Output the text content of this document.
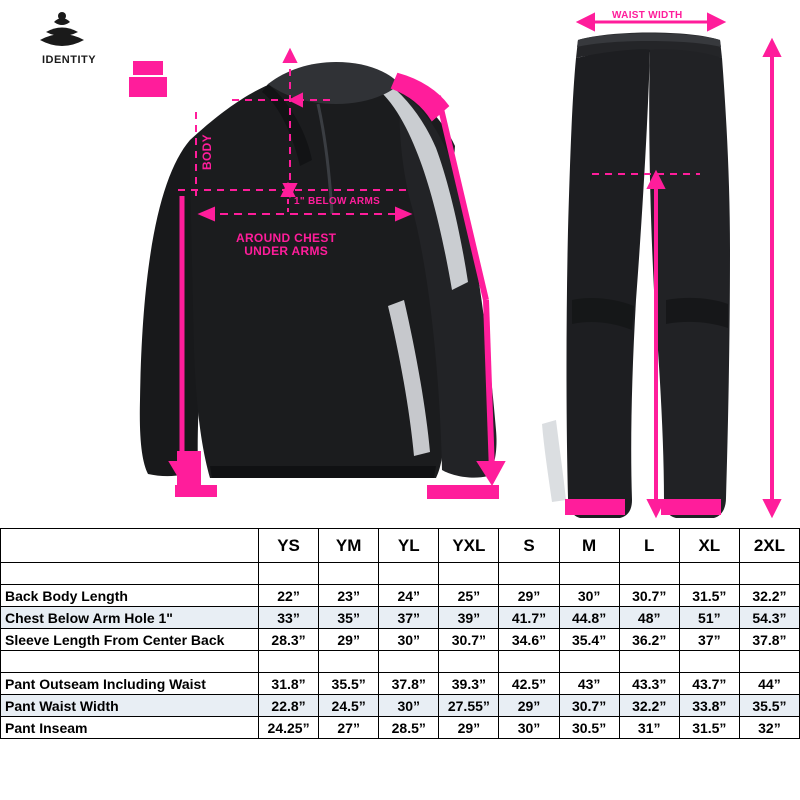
IDENTITY
BODY
1" BELOW ARMS
AROUND CHEST
UNDER ARMS
WAIST WIDTH
	YS	YM	YL	YXL	S	M	L	XL	2XL

Back Body Length	22”	23”	24”	25”	29”	30”	30.7”	31.5”	32.2”
Chest Below Arm Hole 1"	33”	35”	37”	39”	41.7”	44.8”	48”	51”	54.3”
Sleeve Length From Center Back	28.3”	29”	30”	30.7”	34.6”	35.4”	36.2”	37”	37.8”

Pant Outseam Including Waist	31.8”	35.5”	37.8”	39.3”	42.5”	43”	43.3”	43.7”	44”
Pant Waist Width	22.8”	24.5”	30”	27.55”	29”	30.7”	32.2”	33.8”	35.5”
Pant Inseam	24.25”	27”	28.5”	29”	30”	30.5”	31”	31.5”	32”
